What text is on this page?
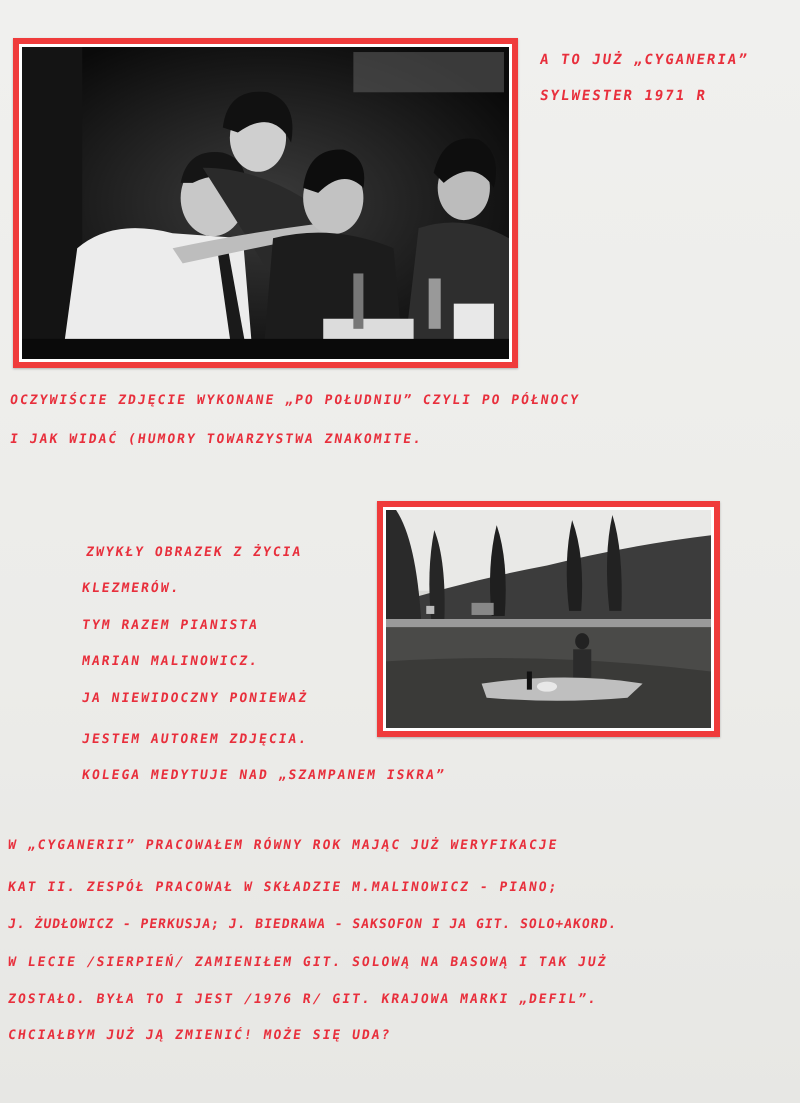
A TO JUŻ „CYGANERIA”
SYLWESTER 1971 R
OCZYWIŚCIE ZDJĘCIE WYKONANE „PO POŁUDNIU” CZYLI PO PÓŁNOCY
I JAK WIDAĆ (HUMORY TOWARZYSTWA ZNAKOMITE.
ZWYKŁY OBRAZEK Z ŻYCIA
KLEZMERÓW.
TYM RAZEM PIANISTA
MARIAN MALINOWICZ.
JA NIEWIDOCZNY PONIEWAŻ
JESTEM AUTOREM ZDJĘCIA.
KOLEGA MEDYTUJE NAD „SZAMPANEM ISKRA”
W „CYGANERII” PRACOWAŁEM RÓWNY ROK MAJĄC JUŻ WERYFIKACJE
KAT II. ZESPÓŁ PRACOWAŁ W SKŁADZIE M.MALINOWICZ - PIANO;
J. ŻUDŁOWICZ - PERKUSJA; J. BIEDRAWA - SAKSOFON I JA GIT. SOLO+AKORD.
W LECIE /SIERPIEŃ/ ZAMIENIŁEM GIT. SOLOWĄ NA BASOWĄ I TAK JUŻ
ZOSTAŁO. BYŁA TO I JEST /1976 R/ GIT. KRAJOWA MARKI „DEFIL”.
CHCIAŁBYM JUŻ JĄ ZMIENIĆ! MOŻE SIĘ UDA?
